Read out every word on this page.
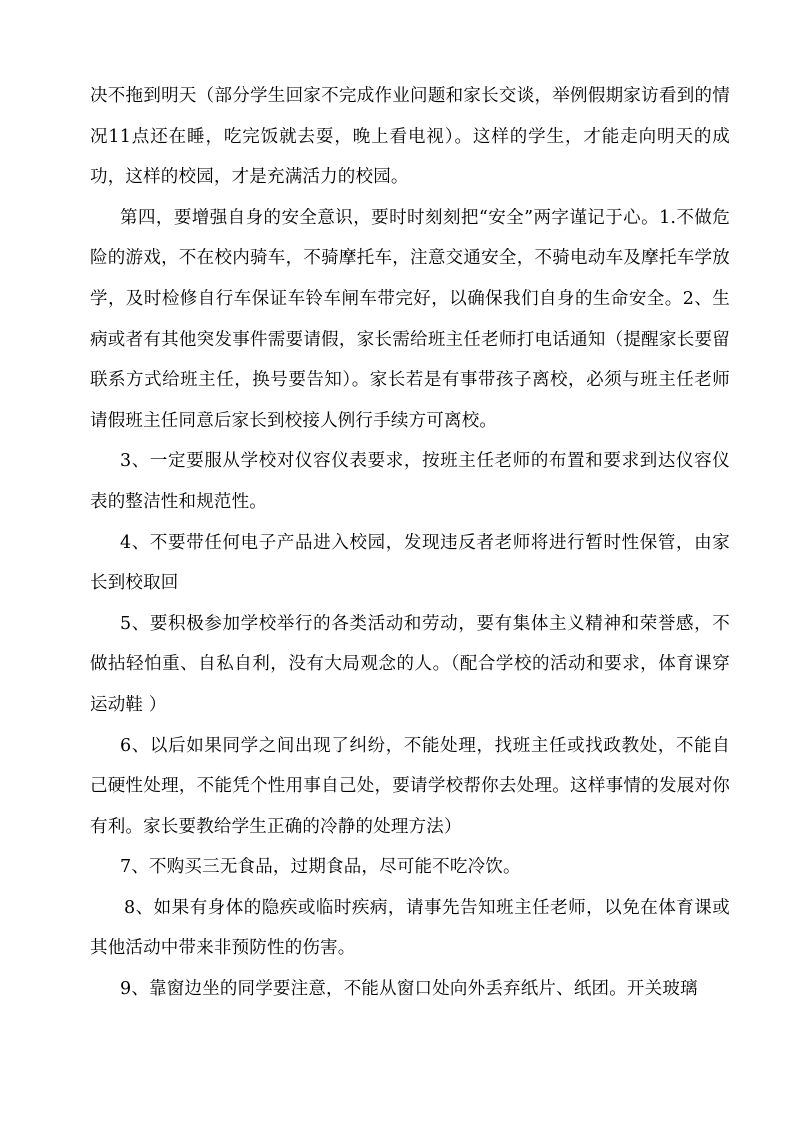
决不拖到明天（部分学生回家不完成作业问题和家长交谈，举例假期家访看到的情况11点还在睡，吃完饭就去耍，晚上看电视）。这样的学生，才能走向明天的成功，这样的校园，才是充满活力的校园。

第四，要增强自身的安全意识，要时时刻刻把“安全”两字谨记于心。1.不做危险的游戏，不在校内骑车，不骑摩托车，注意交通安全，不骑电动车及摩托车学放学，及时检修自行车保证车铃车闸车带完好，以确保我们自身的生命安全。2、生病或者有其他突发事件需要请假，家长需给班主任老师打电话通知（提醒家长要留联系方式给班主任，换号要告知）。家长若是有事带孩子离校，必须与班主任老师请假班主任同意后家长到校接人例行手续方可离校。

3、一定要服从学校对仪容仪表要求，按班主任老师的布置和要求到达仪容仪表的整洁性和规范性。

4、不要带任何电子产品进入校园，发现违反者老师将进行暂时性保管，由家长到校取回

5、要积极参加学校举行的各类活动和劳动，要有集体主义精神和荣誉感，不做拈轻怕重、自私自利，没有大局观念的人。（配合学校的活动和要求，体育课穿运动鞋 ）

6、以后如果同学之间出现了纠纷，不能处理，找班主任或找政教处，不能自己硬性处理，不能凭个性用事自己处，要请学校帮你去处理。这样事情的发展对你有利。家长要教给学生正确的冷静的处理方法）

7、不购买三无食品，过期食品，尽可能不吃冷饮。

8、如果有身体的隐疾或临时疾病，请事先告知班主任老师，以免在体育课或其他活动中带来非预防性的伤害。

9、靠窗边坐的同学要注意，不能从窗口处向外丢弃纸片、纸团。开关玻璃
